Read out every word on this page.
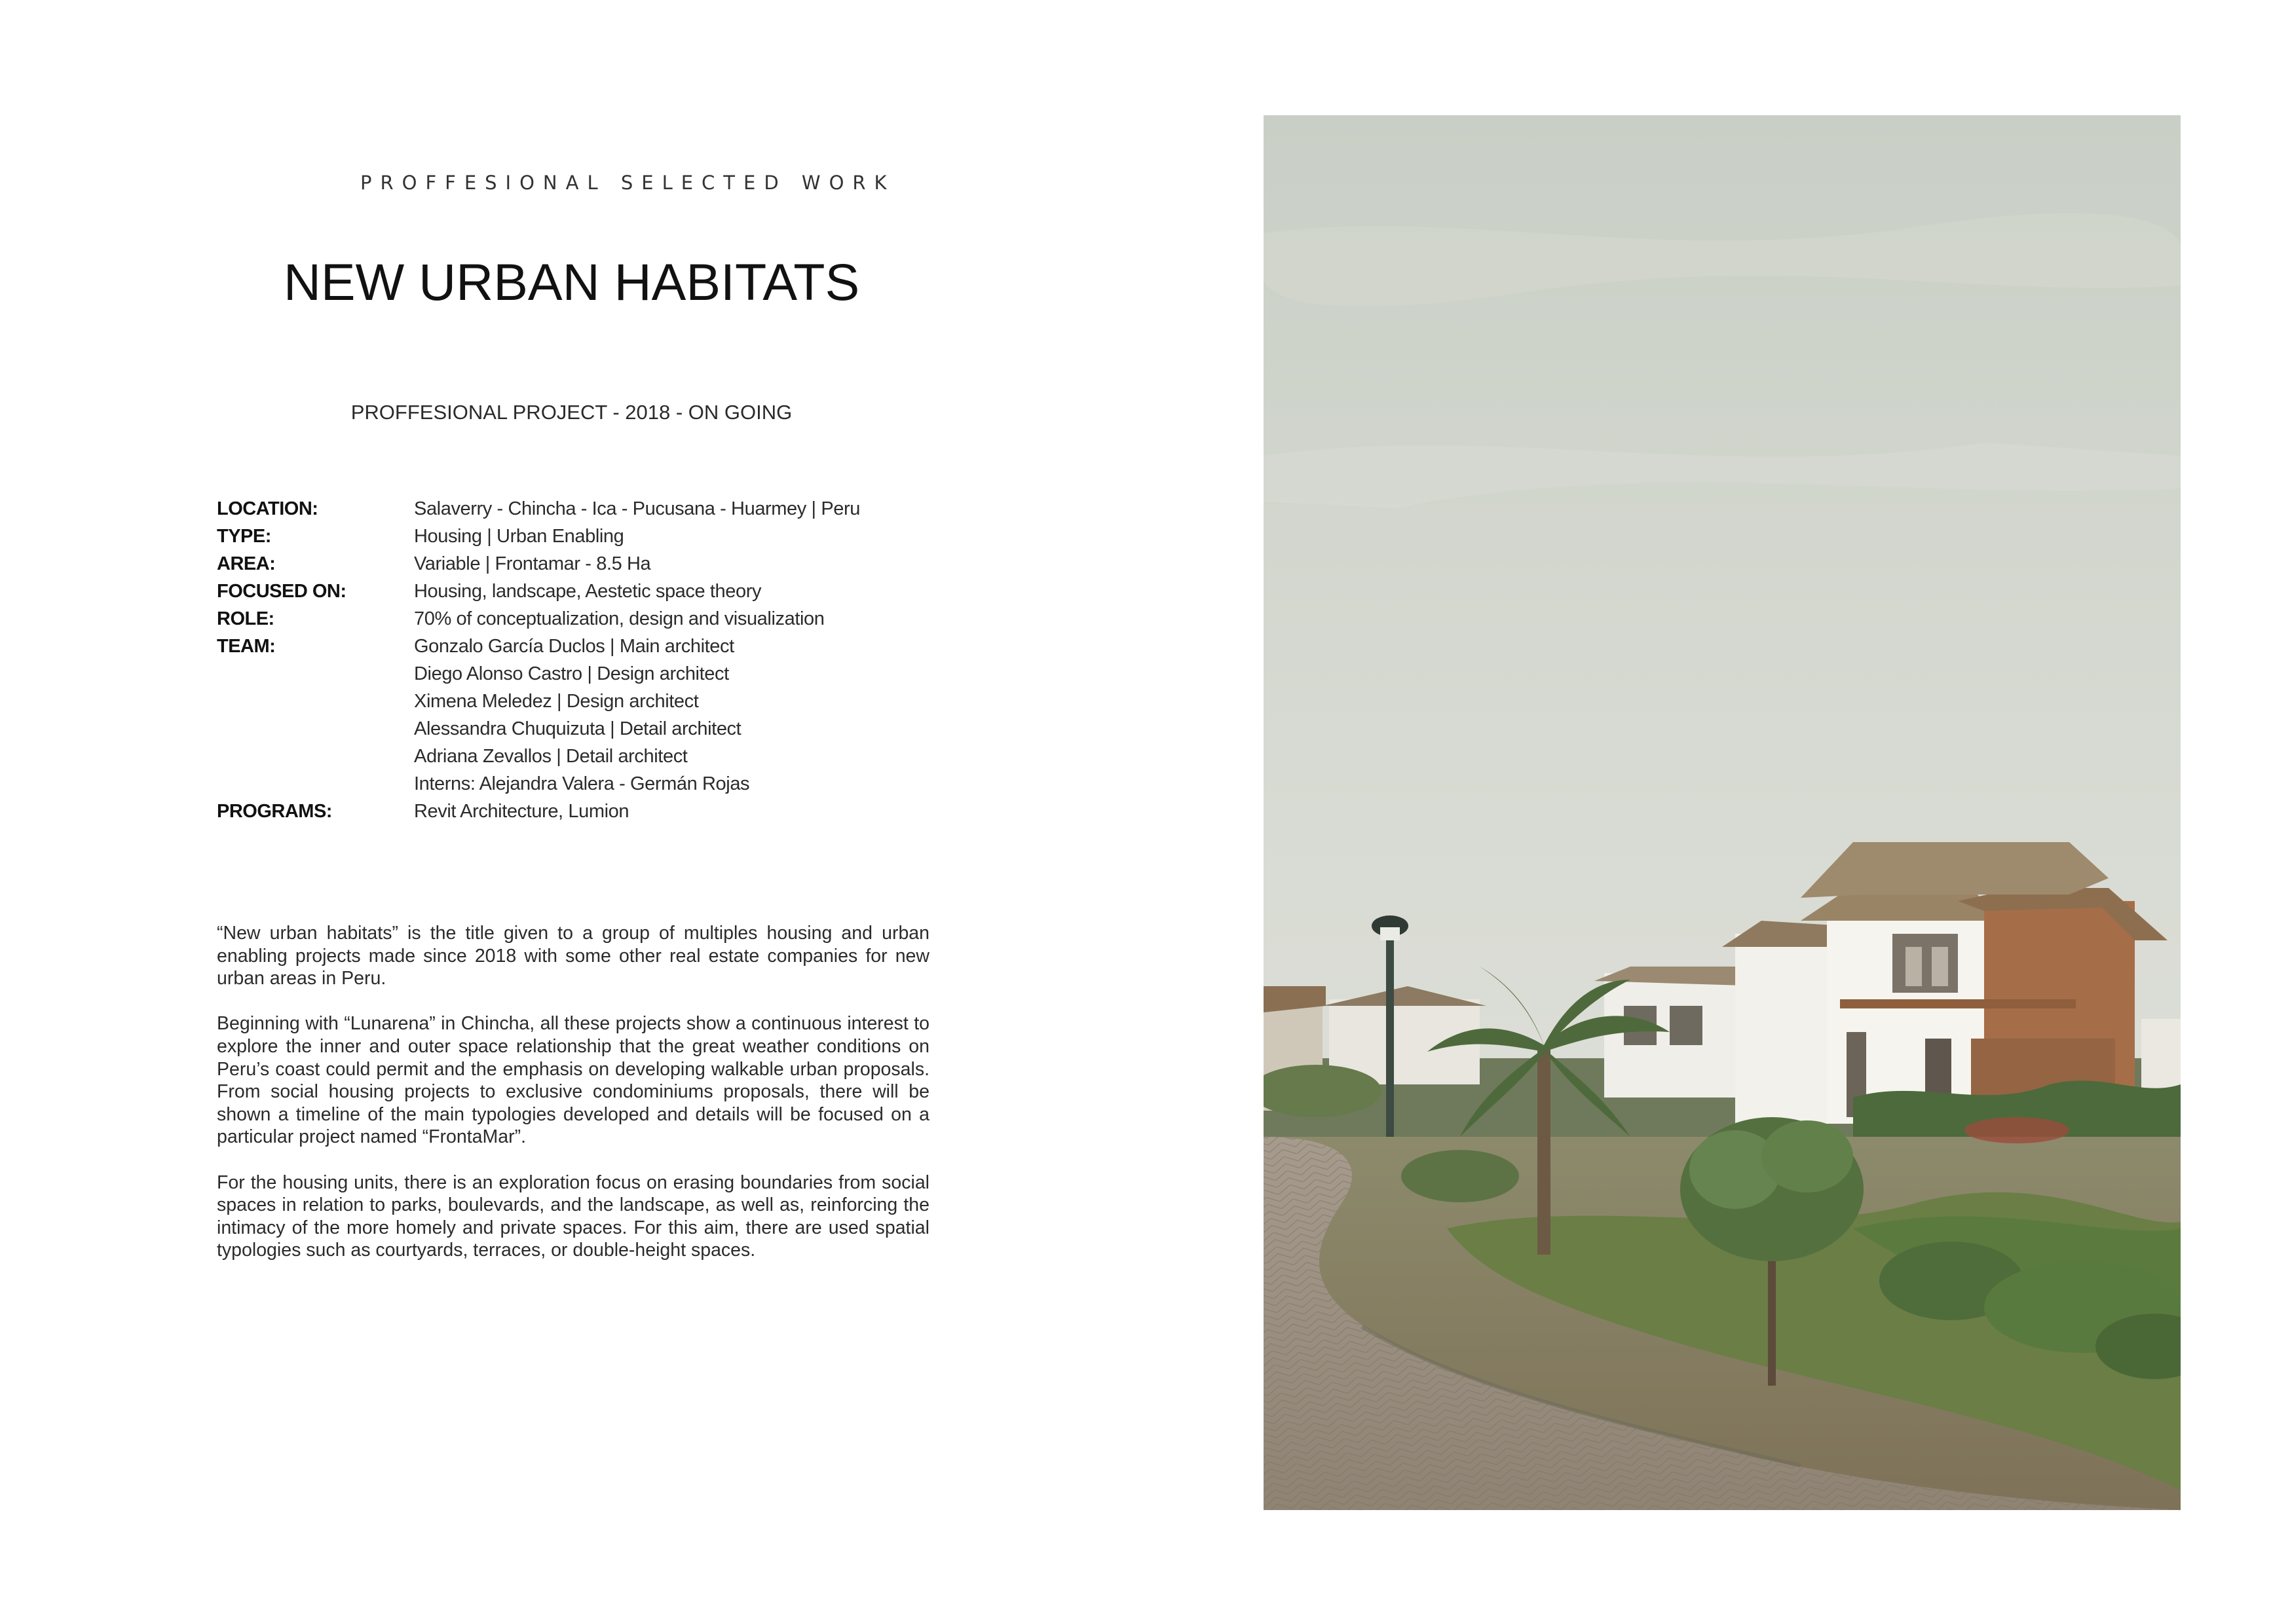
PROFFESIONAL SELECTED WORK
NEW URBAN HABITATS
PROFFESIONAL PROJECT - 2018 - ON GOING
LOCATION:	Salaverry - Chincha - Ica - Pucusana - Huarmey | Peru
TYPE:	Housing | Urban Enabling
AREA:	Variable | Frontamar - 8.5 Ha
FOCUSED ON:	Housing, landscape, Aestetic space theory
ROLE:	70% of conceptualization, design and visualization
TEAM:	Gonzalo García Duclos | Main architect
Diego Alonso Castro | Design architect
Ximena Meledez | Design architect
Alessandra Chuquizuta | Detail architect
Adriana Zevallos | Detail architect
Interns: Alejandra Valera - Germán Rojas
PROGRAMS:	Revit Architecture, Lumion

“New urban habitats” is the title given to a group of multiples housing and urban enabling projects made since 2018 with some other real estate companies for new urban areas in Peru.

Beginning with “Lunarena” in Chincha, all these projects show a continuous interest to explore the inner and outer space relationship that the great weather conditions on Peru’s coast could permit and the emphasis on developing walkable urban proposals. From social housing projects to exclusive condominiums proposals, there will be shown a timeline of the main typologies developed and details will be focused on a particular project named “FrontaMar”.

For the housing units, there is an exploration focus on erasing boundaries from social spaces in relation to parks, boulevards, and the landscape, as well as, reinforcing the intimacy of the more homely and private spaces. For this aim, there are used spatial typologies such as courtyards, terraces, or double-height spaces.
